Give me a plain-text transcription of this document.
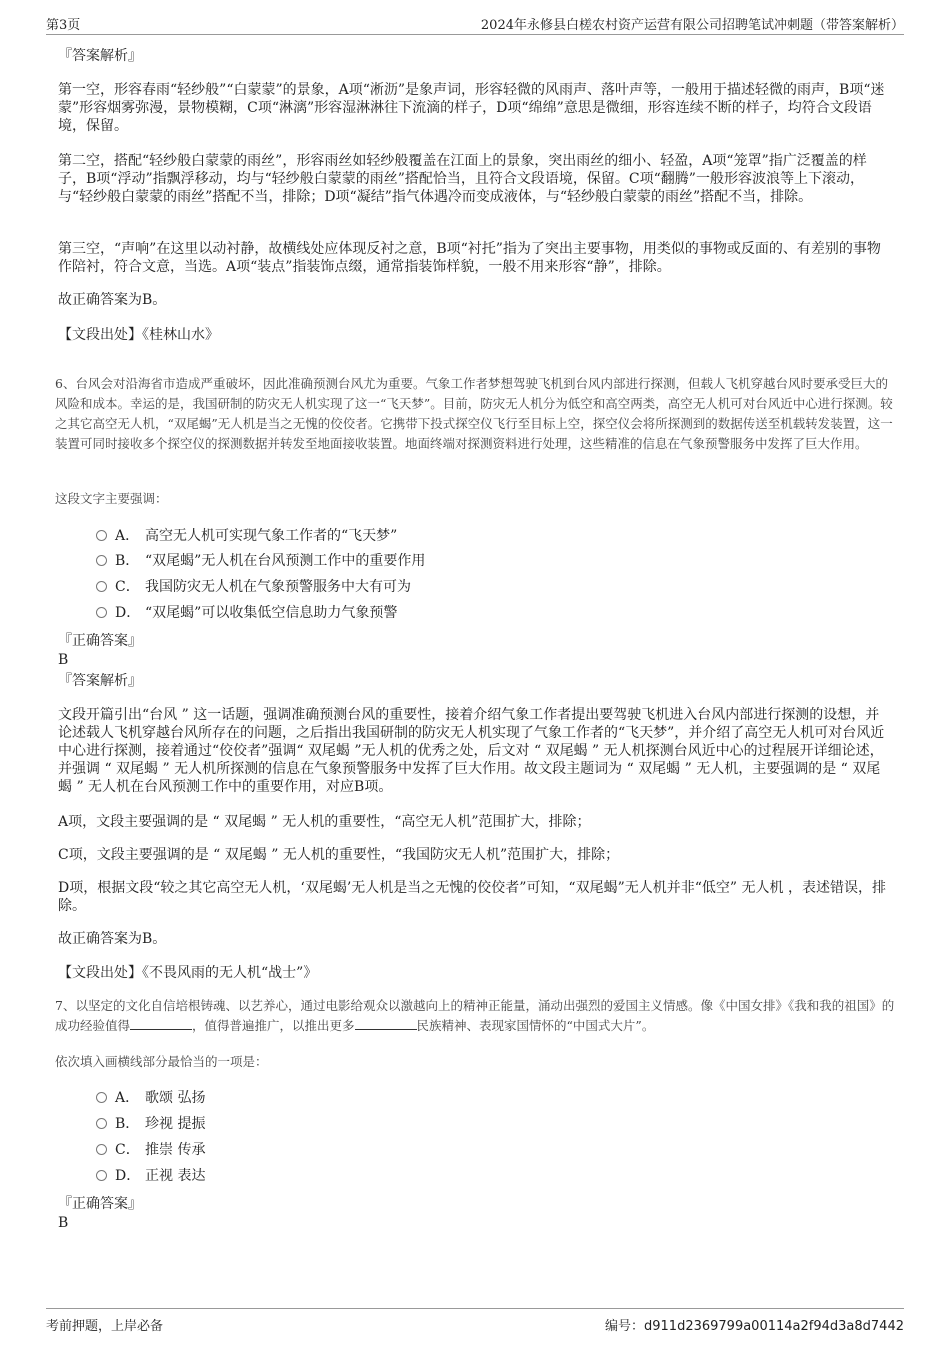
第3页	2024年永修县白槎农村资产运营有限公司招聘笔试冲刺题（带答案解析）
『答案解析』

第一空，形容春雨“轻纱般”“白蒙蒙”的景象，A项“淅沥”是象声词，形容轻微的风雨声、落叶声等，一般用于描述轻微的雨声，B项“迷蒙”形容烟雾弥漫，景物模糊，C项“淋漓”形容湿淋淋往下流滴的样子，D项“绵绵”意思是微细，形容连续不断的样子，均符合文段语境，保留。

第二空，搭配“轻纱般白蒙蒙的雨丝”，形容雨丝如轻纱般覆盖在江面上的景象，突出雨丝的细小、轻盈，A项“笼罩”指广泛覆盖的样子，B项“浮动”指飘浮移动，均与“轻纱般白蒙蒙的雨丝”搭配恰当，且符合文段语境，保留。C项“翻腾”一般形容波浪等上下滚动，与“轻纱般白蒙蒙的雨丝”搭配不当，排除；D项“凝结”指气体遇冷而变成液体，与“轻纱般白蒙蒙的雨丝”搭配不当，排除。

第三空，“声响”在这里以动衬静，故横线处应体现反衬之意，B项“衬托”指为了突出主要事物，用类似的事物或反面的、有差别的事物作陪衬，符合文意，当选。A项“装点”指装饰点缀，通常指装饰样貌，一般不用来形容“静”，排除。

故正确答案为B。
【文段出处】《桂林山水》

6、台风会对沿海省市造成严重破坏，因此准确预测台风尤为重要。气象工作者梦想驾驶飞机到台风内部进行探测，但载人飞机穿越台风时要承受巨大的风险和成本。幸运的是，我国研制的防灾无人机实现了这一“飞天梦”。目前，防灾无人机分为低空和高空两类，高空无人机可对台风近中心进行探测。较之其它高空无人机，“双尾蝎”无人机是当之无愧的佼佼者。它携带下投式探空仪飞行至目标上空，探空仪会将所探测到的数据传送至机载转发装置，这一装置可同时接收多个探空仪的探测数据并转发至地面接收装置。地面终端对探测资料进行处理，这些精准的信息在气象预警服务中发挥了巨大作用。

这段文字主要强调：
A． 高空无人机可实现气象工作者的“飞天梦”
B． “双尾蝎”无人机在台风预测工作中的重要作用
C． 我国防灾无人机在气象预警服务中大有可为
D． “双尾蝎”可以收集低空信息助力气象预警
『正确答案』
B
『答案解析』

文段开篇引出“台风 ” 这一话题，强调准确预测台风的重要性，接着介绍气象工作者提出要驾驶飞机进入台风内部进行探测的设想，并论述载人飞机穿越台风所存在的问题，之后指出我国研制的防灾无人机实现了气象工作者的“飞天梦”，并介绍了高空无人机可对台风近中心进行探测，接着通过“佼佼者”强调“ 双尾蝎 ”无人机的优秀之处，后文对 “ 双尾蝎 ” 无人机探测台风近中心的过程展开详细论述，并强调 “ 双尾蝎 ” 无人机所探测的信息在气象预警服务中发挥了巨大作用。故文段主题词为 “ 双尾蝎 ” 无人机，主要强调的是 “ 双尾蝎 ” 无人机在台风预测工作中的重要作用，对应B项。

A项，文段主要强调的是 “ 双尾蝎 ” 无人机的重要性，“高空无人机”范围扩大，排除；

C项，文段主要强调的是 “ 双尾蝎 ” 无人机的重要性，“我国防灾无人机”范围扩大，排除；

D项，根据文段“较之其它高空无人机，‘双尾蝎’无人机是当之无愧的佼佼者”可知，“双尾蝎”无人机并非“低空” 无人机 ，表述错误，排除。

故正确答案为B。
【文段出处】《不畏风雨的无人机“战士”》

7、以坚定的文化自信培根铸魂、以艺养心，通过电影给观众以激越向上的精神正能量，涌动出强烈的爱国主义情感。像《中国女排》《我和我的祖国》的成功经验值得	，值得普遍推广，以推出更多	民族精神、表现家国情怀的“中国式大片”。

依次填入画横线部分最恰当的一项是：
A． 歌颂 弘扬
B． 珍视 提振
C． 推崇 传承
D． 正视 表达
『正确答案』
B
考前押题，上岸必备	编号：d911d2369799a00114a2f94d3a8d7442
